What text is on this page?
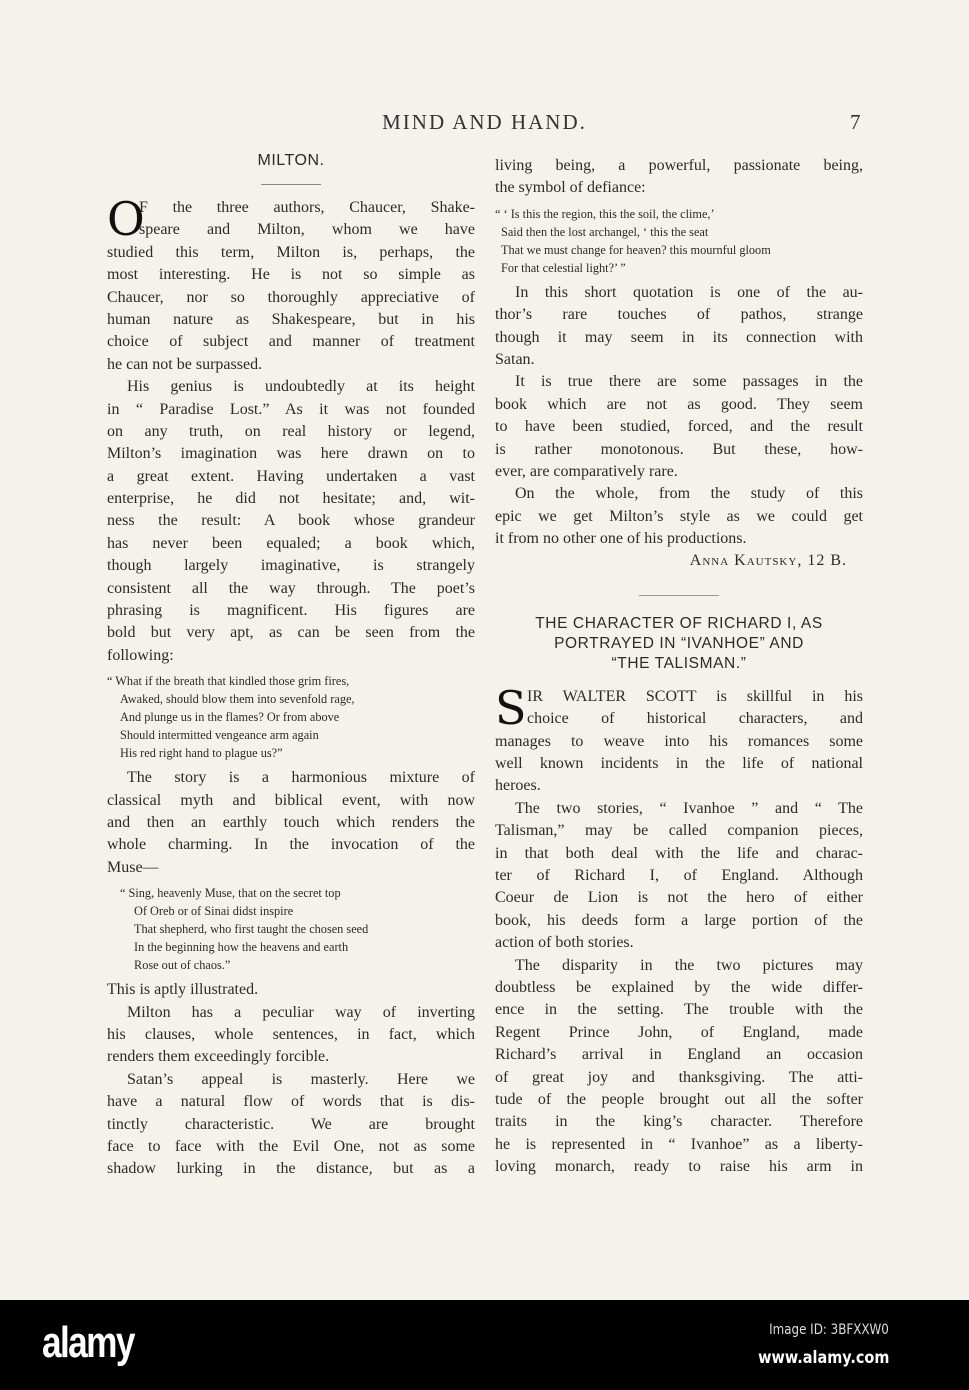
MIND AND HAND.	7
MILTON.
O
F the three authors, Chaucer, Shake-
speare and Milton, whom we have
studied this term, Milton is, perhaps, the
most interesting. He is not so simple as
Chaucer, nor so thoroughly appreciative of
human nature as Shakespeare, but in his
choice of subject and manner of treatment
he can not be surpassed.
His genius is undoubtedly at its height
in “ Paradise Lost.” As it was not founded
on any truth, on real history or legend,
Milton’s imagination was here drawn on to
a great extent. Having undertaken a vast
enterprise, he did not hesitate; and, wit-
ness the result: A book whose grandeur
has never been equaled; a book which,
though largely imaginative, is strangely
consistent all the way through. The poet’s
phrasing is magnificent. His figures are
bold but very apt, as can be seen from the
following:
“ What if the breath that kindled those grim fires,
Awaked, should blow them into sevenfold rage,
And plunge us in the flames? Or from above
Should intermitted vengeance arm again
His red right hand to plague us?”
The story is a harmonious mixture of
classical myth and biblical event, with now
and then an earthly touch which renders the
whole charming. In the invocation of the
Muse—
“ Sing, heavenly Muse, that on the secret top
Of Oreb or of Sinai didst inspire
That shepherd, who first taught the chosen seed
In the beginning how the heavens and earth
Rose out of chaos.”
This is aptly illustrated.
Milton has a peculiar way of inverting
his clauses, whole sentences, in fact, which
renders them exceedingly forcible.
Satan’s appeal is masterly. Here we
have a natural flow of words that is dis-
tinctly characteristic. We are brought
face to face with the Evil One, not as some
shadow lurking in the distance, but as a
living being, a powerful, passionate being,
the symbol of defiance:
“ ‘ Is this the region, this the soil, the clime,’
Said then the lost archangel, ‘ this the seat
That we must change for heaven? this mournful gloom
For that celestial light?’ ”
In this short quotation is one of the au-
thor’s rare touches of pathos, strange
though it may seem in its connection with
Satan.
It is true there are some passages in the
book which are not as good. They seem
to have been studied, forced, and the result
is rather monotonous. But these, how-
ever, are comparatively rare.
On the whole, from the study of this
epic we get Milton’s style as we could get
it from no other one of his productions.
Anna Kautsky, 12 B.
THE CHARACTER OF RICHARD I, AS
PORTRAYED IN “IVANHOE” AND
“THE TALISMAN.”
S IR WALTER SCOTT is skillful in his
choice of historical characters, and
manages to weave into his romances some
well known incidents in the life of national
heroes.
The two stories, “ Ivanhoe ” and “ The
Talisman,” may be called companion pieces,
in that both deal with the life and charac-
ter of Richard I, of England. Although
Coeur de Lion is not the hero of either
book, his deeds form a large portion of the
action of both stories.
The disparity in the two pictures may
doubtless be explained by the wide differ-
ence in the setting. The trouble with the
Regent Prince John, of England, made
Richard’s arrival in England an occasion
of great joy and thanksgiving. The atti-
tude of the people brought out all the softer
traits in the king’s character. Therefore
he is represented in “ Ivanhoe” as a liberty-
loving monarch, ready to raise his arm in
alamy	Image ID: 3BFXXW0
www.alamy.com
